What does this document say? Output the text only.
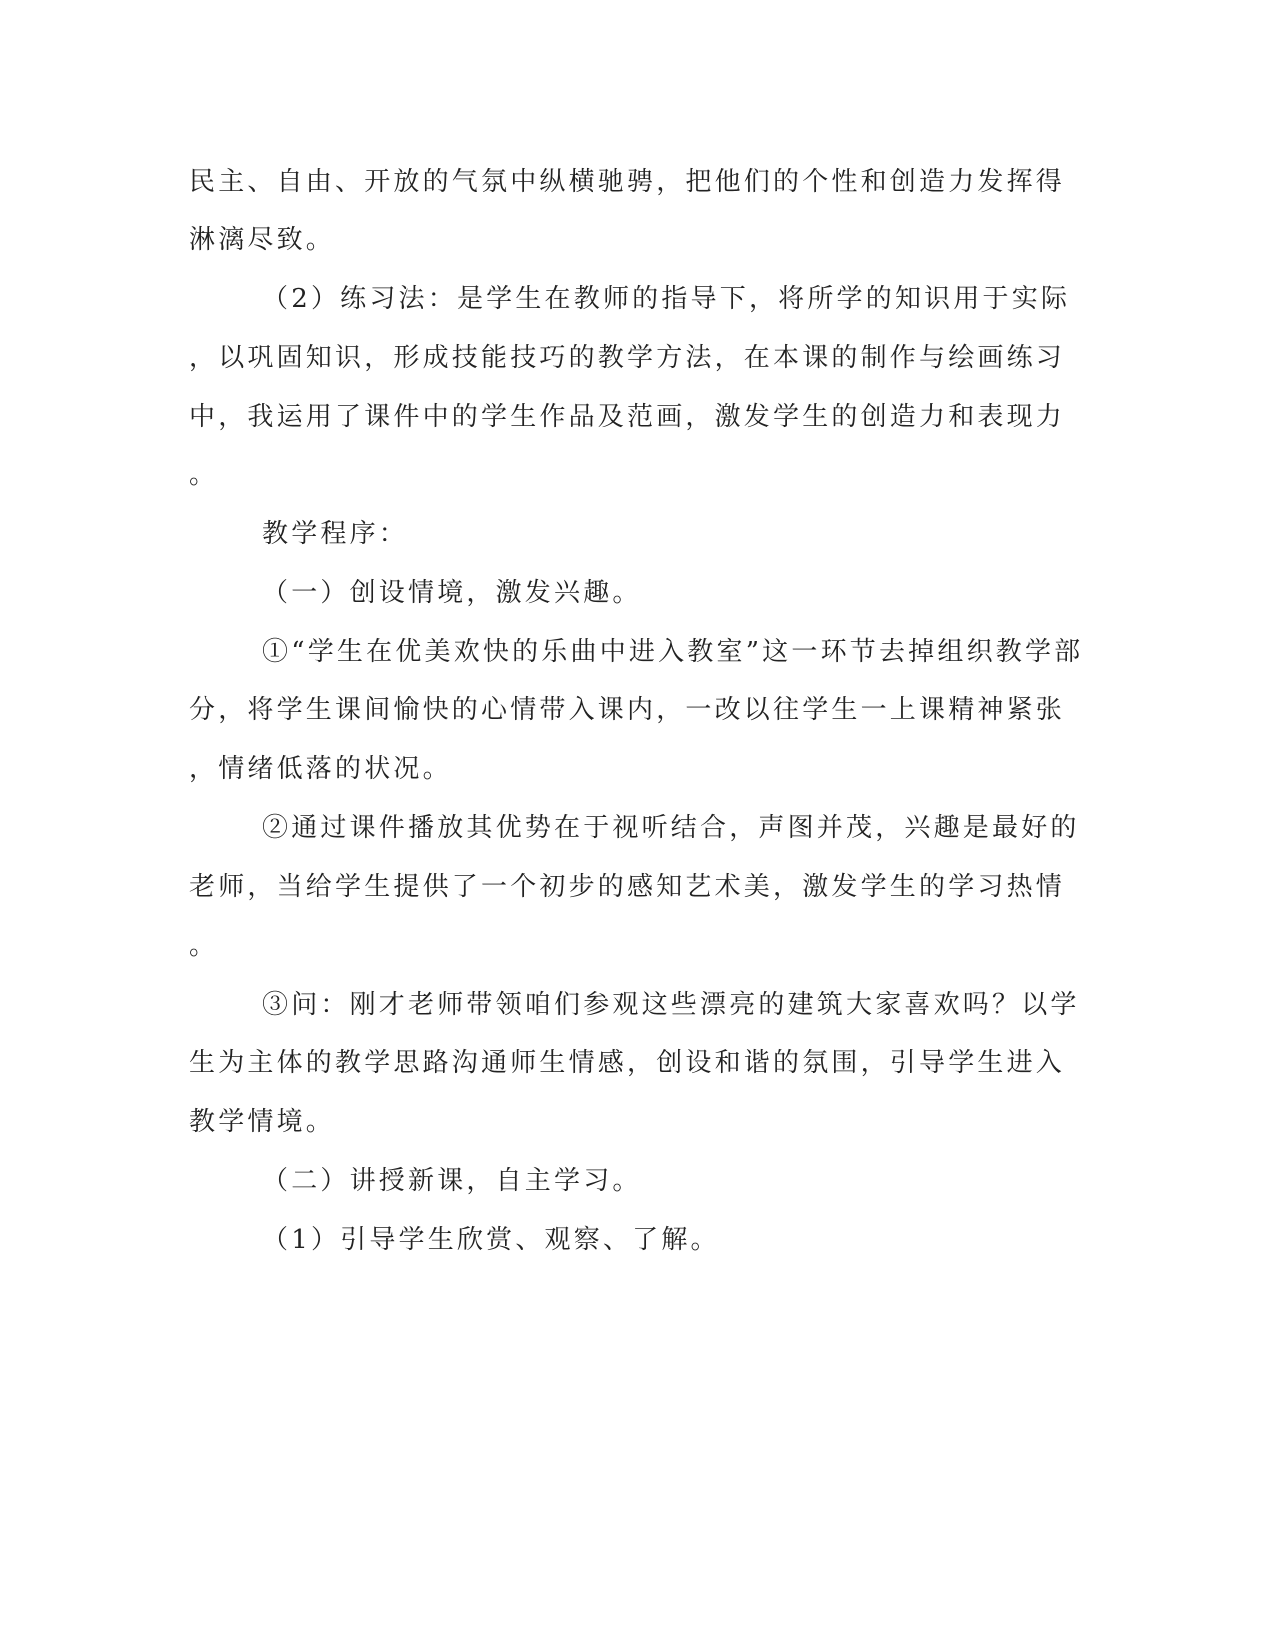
民主、自由、开放的气氛中纵横驰骋，把他们的个性和创造力发挥得
淋漓尽致。
（2）练习法：是学生在教师的指导下，将所学的知识用于实际
，以巩固知识，形成技能技巧的教学方法，在本课的制作与绘画练习
中，我运用了课件中的学生作品及范画，激发学生的创造力和表现力
。
教学程序：
（一）创设情境，激发兴趣。
①“学生在优美欢快的乐曲中进入教室”这一环节去掉组织教学部
分，将学生课间愉快的心情带入课内，一改以往学生一上课精神紧张
，情绪低落的状况。
②通过课件播放其优势在于视听结合，声图并茂，兴趣是最好的
老师，当给学生提供了一个初步的感知艺术美，激发学生的学习热情
。
③问：刚才老师带领咱们参观这些漂亮的建筑大家喜欢吗？以学
生为主体的教学思路沟通师生情感，创设和谐的氛围，引导学生进入
教学情境。
（二）讲授新课，自主学习。
（1）引导学生欣赏、观察、了解。
